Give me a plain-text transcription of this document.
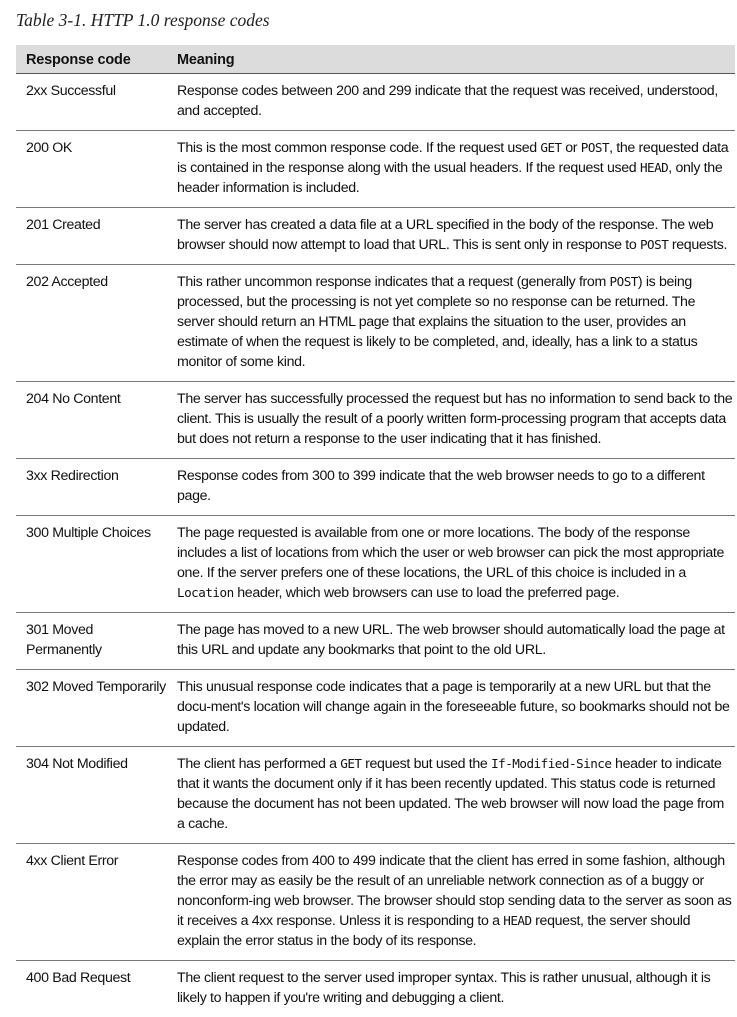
Table 3-1. HTTP 1.0 response codes
Response code	Meaning
2xx Successful	Response codes between 200 and 299 indicate that the request was received, understood, and accepted.
200 OK	This is the most common response code. If the request used GET or POST, the requested data is contained in the response along with the usual headers. If the request used HEAD, only the header information is included.
201 Created	The server has created a data file at a URL specified in the body of the response. The web browser should now attempt to load that URL. This is sent only in response to POST requests.
202 Accepted	This rather uncommon response indicates that a request (generally from POST) is being processed, but the processing is not yet complete so no response can be returned. The server should return an HTML page that explains the situation to the user, provides an estimate of when the request is likely to be completed, and, ideally, has a link to a status monitor of some kind.
204 No Content	The server has successfully processed the request but has no information to send back to the client. This is usually the result of a poorly written form-processing program that accepts data but does not return a response to the user indicating that it has finished.
3xx Redirection	Response codes from 300 to 399 indicate that the web browser needs to go to a different page.
300 Multiple Choices	The page requested is available from one or more locations. The body of the response includes a list of locations from which the user or web browser can pick the most appropriate one. If the server prefers one of these locations, the URL of this choice is included in a Location header, which web browsers can use to load the preferred page.
301 Moved Permanently	The page has moved to a new URL. The web browser should automatically load the page at this URL and update any bookmarks that point to the old URL.
302 Moved Temporarily	This unusual response code indicates that a page is temporarily at a new URL but that the docu-ment's location will change again in the foreseeable future, so bookmarks should not be updated.
304 Not Modified	The client has performed a GET request but used the If-Modified-Since header to indicate that it wants the document only if it has been recently updated. This status code is returned because the document has not been updated. The web browser will now load the page from a cache.
4xx Client Error	Response codes from 400 to 499 indicate that the client has erred in some fashion, although the error may as easily be the result of an unreliable network connection as of a buggy or nonconform-ing web browser. The browser should stop sending data to the server as soon as it receives a 4xx response. Unless it is responding to a HEAD request, the server should explain the error status in the body of its response.
400 Bad Request	The client request to the server used improper syntax. This is rather unusual, although it is likely to happen if you're writing and debugging a client.
